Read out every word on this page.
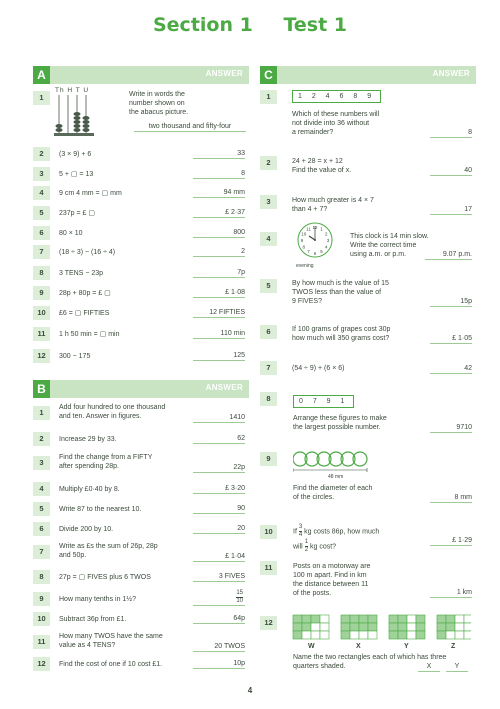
Section 1 Test 1
A	ANSWER
1
Th H T U
Write in words the
number shown on
the abacus picture.
two thousand and fifty-four
2	(3 × 9) + 6	33
3	5 + ▢ = 13	8
4	9 cm 4 mm = ▢ mm	94 mm
5	237p = £ ▢	£ 2·37
6	80 × 10	800
7	(18 ÷ 3) − (16 ÷ 4)	2
8	3 TENS − 23p	7p
9	28p + 80p = £ ▢	£ 1·08
10	£6 = ▢ FIFTIES	12 FIFTIES
11	1 h 50 min = ▢ min	110 min
12	300 − 175	125
B	ANSWER
1
Add four hundred to one thousand
and ten. Answer in figures.	1410
2	Increase 29 by 33.	62
3
Find the change from a FIFTY
after spending 28p.	22p
4	Multiply £0·40 by 8.	£ 3·20
5	Write 87 to the nearest 10.	90
6	Divide 200 by 10.	20
7
Write as £s the sum of 26p, 28p
and 50p.	£ 1·04
8	27p = ▢ FIVES plus 6 TWOS	3 FIVES
9	How many tenths in 1½?	$\frac{15}{10}$
10	Subtract 36p from £1.	64p
11
How many TWOS have the same
value as 4 TENS?	20 TWOS
12	Find the cost of one if 10 cost £1.	10p
C	ANSWER
1	1 2 4 6 8 9
Which of these numbers will
not divide into 36 without
a remainder?	8
2	24 + 28 = x + 12
Find the value of x.	40
3	How much greater is 4 × 7
than 4 + 7?	17
4
12 1
2
3
4
5
6
7
8
9
10
11
evening
This clock is 14 min slow.
Write the correct time
using a.m. or p.m.	9.07 p.m.
5	By how much is the value of 15
TWOS less than the value of
9 FIVES?	15p
6	If 100 grams of grapes cost 30p
how much will 350 grams cost?	£ 1·05
7	(54 ÷ 9) + (6 × 6)	42
8	0 7 9 1
Arrange these figures to make
the largest possible number.	9710
9
48 mm
Find the diameter of each
of the circles.	8 mm
10	If $\frac{3}{4}$ kg costs 86p, how much
will $\frac{1}{2}$ kg cost?
£ 1·29
11	Posts on a motorway are
100 m apart. Find in km
the distance between 11
of the posts.	1 km
12
W	X	Y	Z
Name the two rectangles each of which has three
quarters shaded.	X	Y
4
